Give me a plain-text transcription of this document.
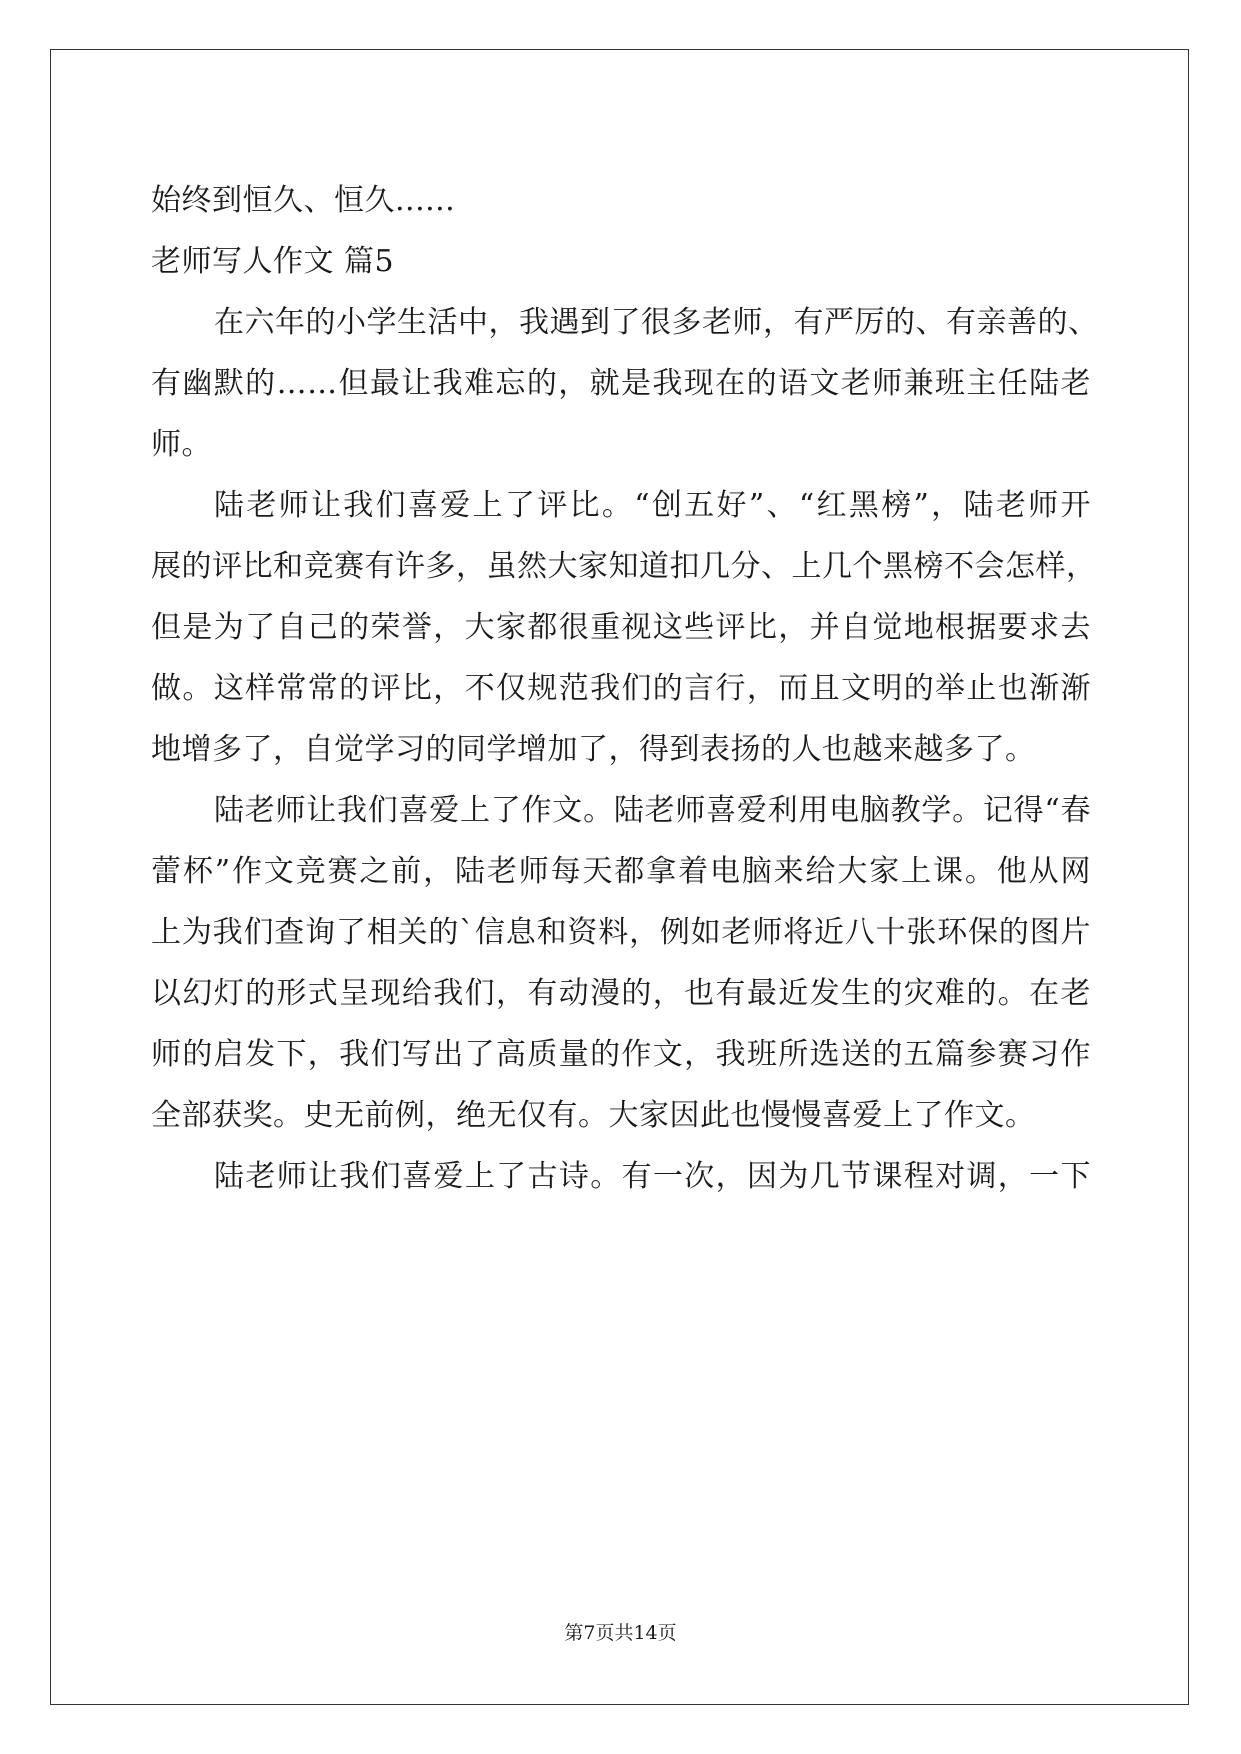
始终到恒久、恒久......
老师写人作文 篇5
在六年的小学生活中，我遇到了很多老师，有严厉的、有亲善的、
有幽默的……但最让我难忘的，就是我现在的语文老师兼班主任陆老
师。
陆老师让我们喜爱上了评比。“创五好”、“红黑榜”，陆老师开
展的评比和竞赛有许多，虽然大家知道扣几分、上几个黑榜不会怎样，
但是为了自己的荣誉，大家都很重视这些评比，并自觉地根据要求去
做。这样常常的评比，不仅规范我们的言行，而且文明的举止也渐渐
地增多了，自觉学习的同学增加了，得到表扬的人也越来越多了。
陆老师让我们喜爱上了作文。陆老师喜爱利用电脑教学。记得“春
蕾杯”作文竞赛之前，陆老师每天都拿着电脑来给大家上课。他从网
上为我们查询了相关的`信息和资料，例如老师将近八十张环保的图片
以幻灯的形式呈现给我们，有动漫的，也有最近发生的灾难的。在老
师的启发下，我们写出了高质量的作文，我班所选送的五篇参赛习作
全部获奖。史无前例，绝无仅有。大家因此也慢慢喜爱上了作文。
陆老师让我们喜爱上了古诗。有一次，因为几节课程对调，一下
第7页共14页
